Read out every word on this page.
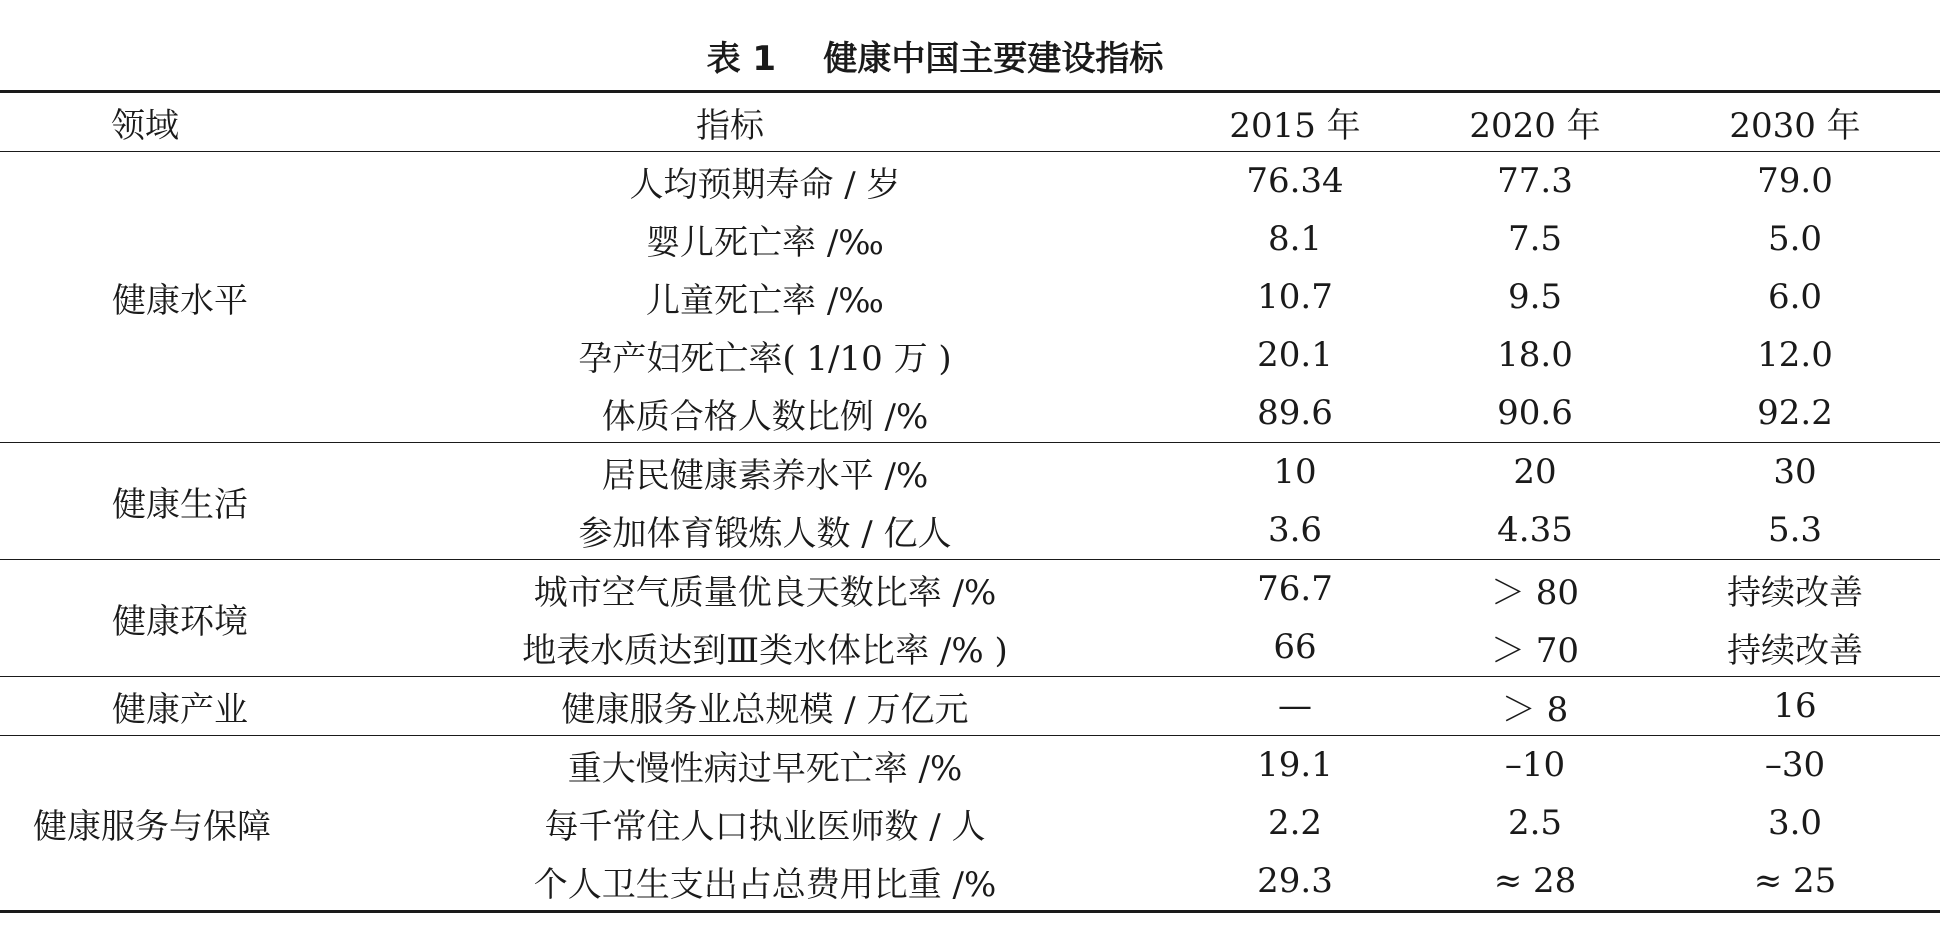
表 1    健康中国主要建设指标
领域	指标	2015 年	2020 年	2030 年
健康水平	人均预期寿命 / 岁	76.34	77.3	79.0
	婴儿死亡率 /‰	8.1	7.5	5.0
	儿童死亡率 /‰	10.7	9.5	6.0
	孕产妇死亡率( 1/10 万 )	20.1	18.0	12.0
	体质合格人数比例 /%	89.6	90.6	92.2
健康生活	居民健康素养水平 /%	10	20	30
	参加体育锻炼人数 / 亿人	3.6	4.35	5.3
健康环境	城市空气质量优良天数比率 /%	76.7	＞ 80	持续改善
	地表水质达到Ⅲ类水体比率 /% )	66	＞ 70	持续改善
健康产业	健康服务业总规模 / 万亿元	—	＞ 8	16
健康服务与保障	重大慢性病过早死亡率 /%	19.1	–10	–30
	每千常住人口执业医师数 / 人	2.2	2.5	3.0
	个人卫生支出占总费用比重 /%	29.3	≈ 28	≈ 25
